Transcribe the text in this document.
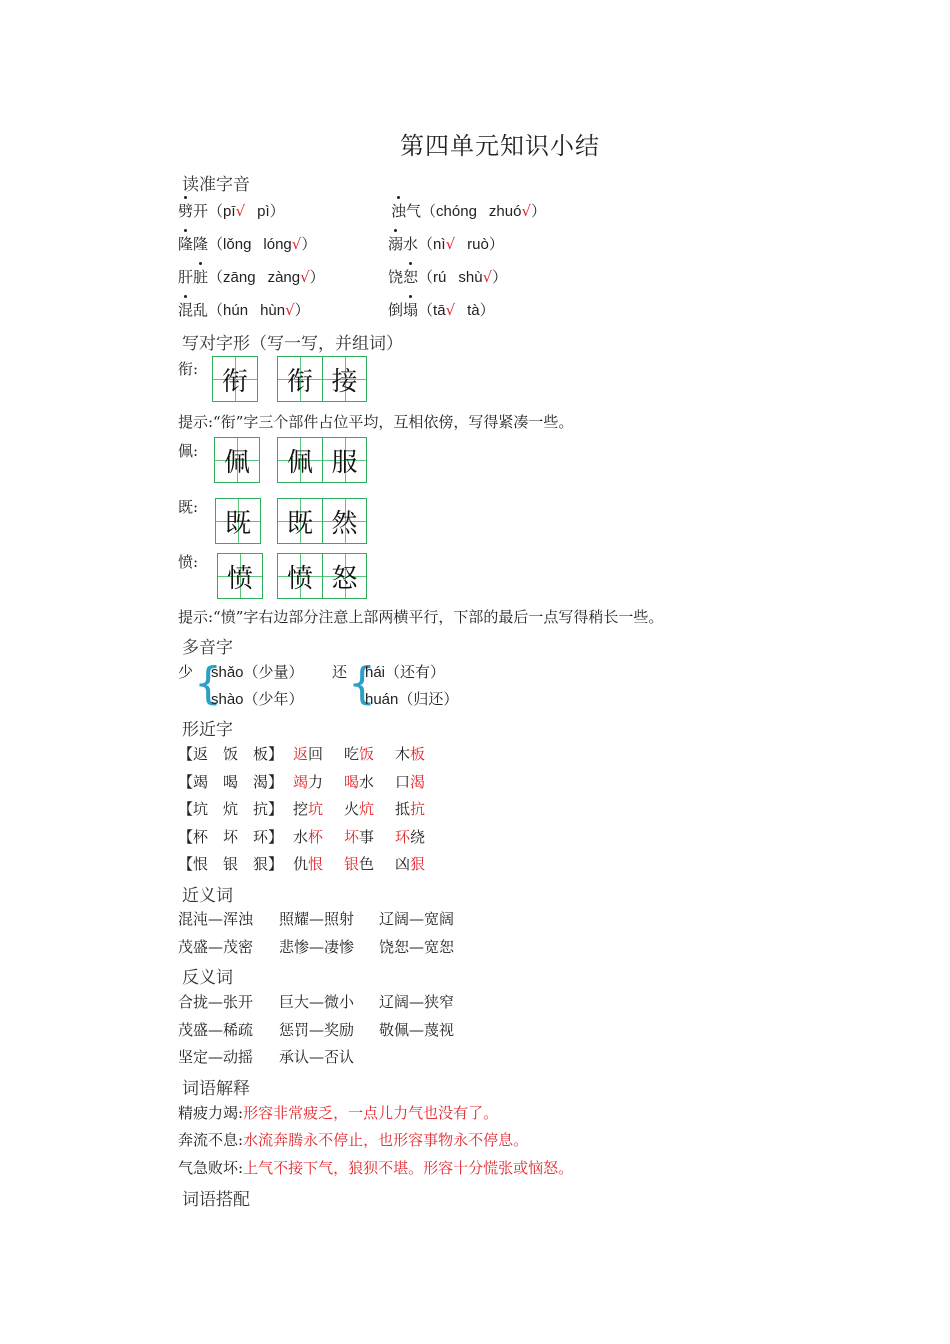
第四单元知识小结
读准字音
劈开（pī√ pì）	浊气（chóng zhuó√）
隆隆（lǒng lóng√）	溺水（nì√ ruò）
肝脏（zāng zàng√）	饶恕（rú shù√）
混乱（hún hùn√）	倒塌（tā√ tà）
写对字形（写一写，并组词）
衔: 衔 衔 接
佩: 佩 佩 服
既:
既 既 然
愤:
愤 愤 怒
提示:“衔”字三个部件占位平均，互相依傍，写得紧凑一些。
提示:“愤”字右边部分注意上部两横平行，下部的最后一点写得稍长一些。
多音字
少 {
shǎo（少量）
shào（少年）
还 {
hái（还有）
huán（归还）
形近字
【返　饭　板】 返回 吃饭 木板
【竭　喝　渴】 竭力 喝水 口渴
【坑　炕　抗】 挖坑 火炕 抵抗
【杯　坏　环】 水杯 坏事 环绕
【恨　银　狠】 仇恨 银色 凶狠
近义词
混沌—浑浊 照耀—照射 辽阔—宽阔
茂盛—茂密 悲惨—凄惨 饶恕—宽恕
反义词
合拢—张开 巨大—微小 辽阔—狭窄
茂盛—稀疏 惩罚—奖励 敬佩—蔑视
坚定—动摇 承认—否认
词语解释
精疲力竭:形容非常疲乏，一点儿力气也没有了。
奔流不息:水流奔腾永不停止，也形容事物永不停息。
气急败坏:上气不接下气，狼狈不堪。形容十分慌张或恼怒。
词语搭配
